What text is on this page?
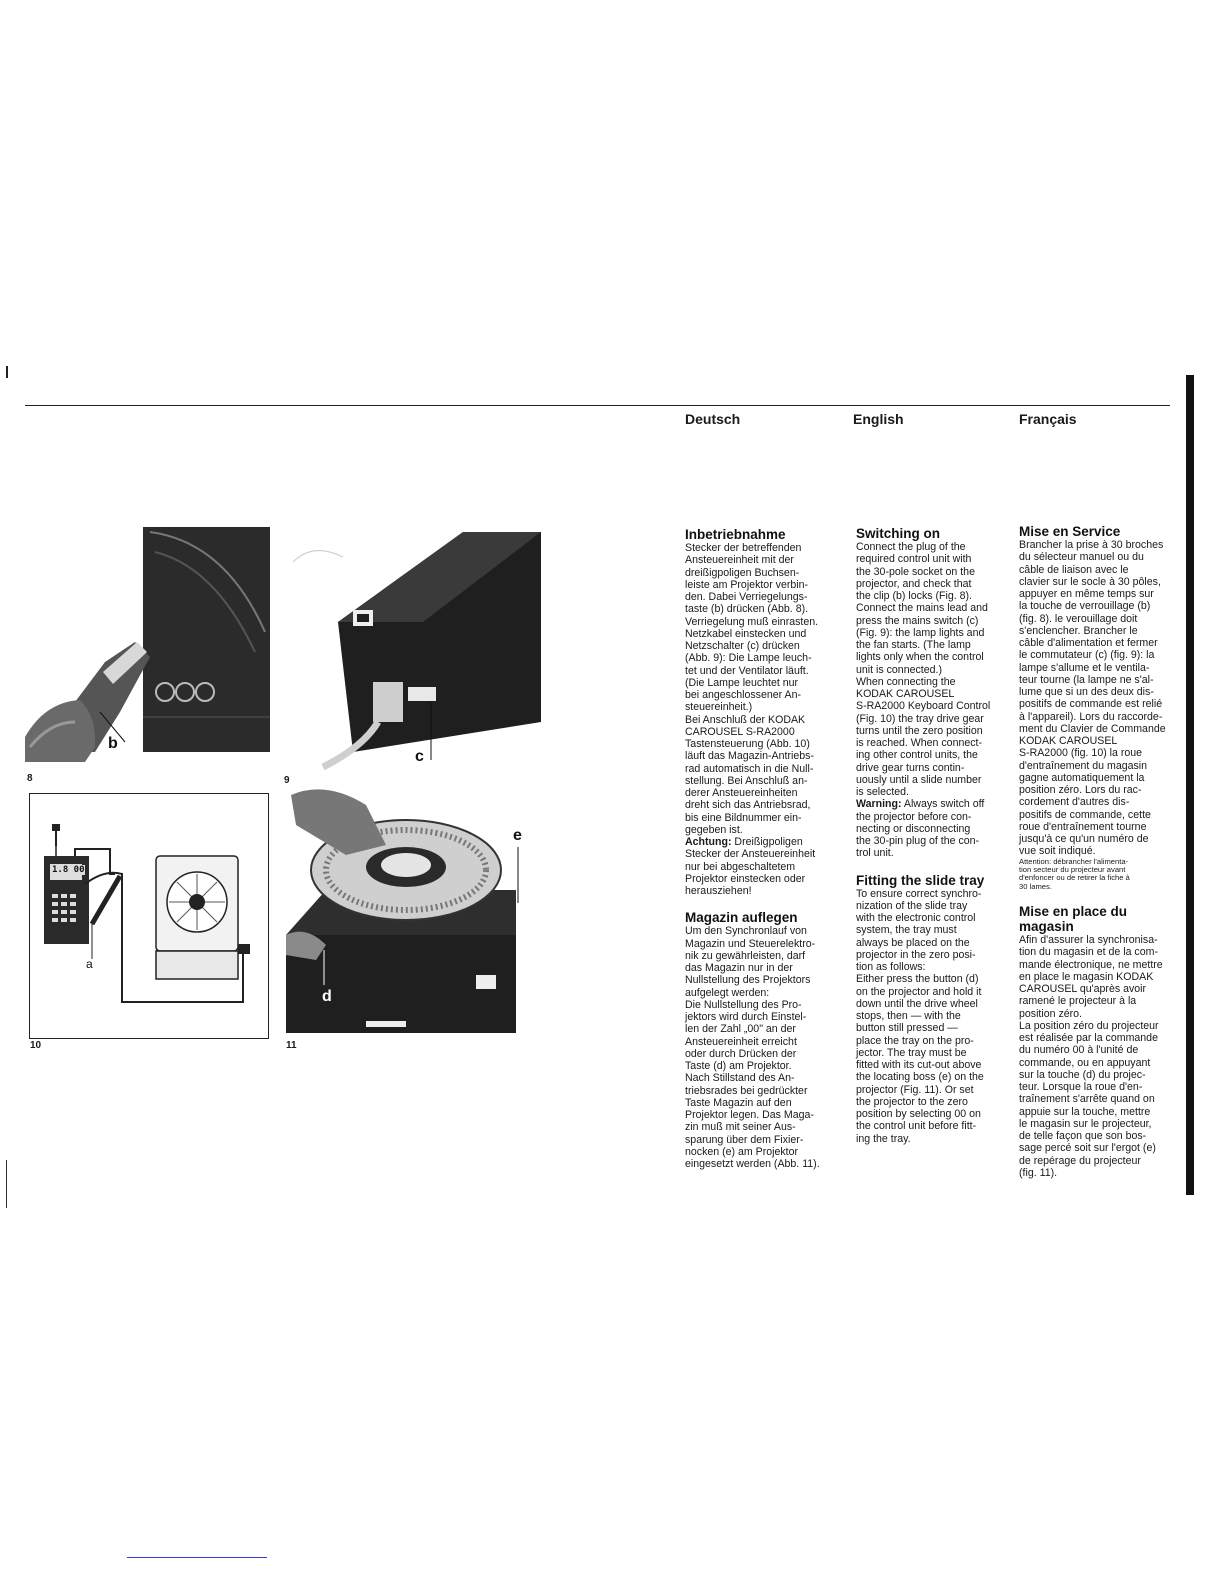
Deutsch	English	Français
b
8
c
9
1.8 00
a
10
d
e
11
Inbetriebnahme

Stecker der betreffenden

Ansteuereinheit mit der

dreißigpoligen Buchsen-

leiste am Projektor verbin-

den. Dabei Verriegelungs-

taste (b) drücken (Abb. 8).

Verriegelung muß einrasten.

Netzkabel einstecken und

Netzschalter (c) drücken

(Abb. 9): Die Lampe leuch-

tet und der Ventilator läuft.

(Die Lampe leuchtet nur

bei angeschlossener An-

steuereinheit.)

Bei Anschluß der KODAK

CAROUSEL S-RA2000

Tastensteuerung (Abb. 10)

läuft das Magazin-Antriebs-

rad automatisch in die Null-

stellung. Bei Anschluß an-

derer Ansteuereinheiten

dreht sich das Antriebsrad,

bis eine Bildnummer ein-

gegeben ist.

Achtung: Dreißigpoligen

Stecker der Ansteuereinheit

nur bei abgeschaltetem

Projektor einstecken oder

herausziehen!

Magazin auflegen

Um den Synchronlauf von

Magazin und Steuerelektro-

nik zu gewährleisten, darf

das Magazin nur in der

Nullstellung des Projektors

aufgelegt werden:

Die Nullstellung des Pro-

jektors wird durch Einstel-

len der Zahl „00" an der

Ansteuereinheit erreicht

oder durch Drücken der

Taste (d) am Projektor.

Nach Stillstand des An-

triebsrades bei gedrückter

Taste Magazin auf den

Projektor legen. Das Maga-

zin muß mit seiner Aus-

sparung über dem Fixier-

nocken (e) am Projektor

eingesetzt werden (Abb. 11).

Switching on

Connect the plug of the

required control unit with

the 30-pole socket on the

projector, and check that

the clip (b) locks (Fig. 8).

Connect the mains lead and

press the mains switch (c)

(Fig. 9): the lamp lights and

the fan starts. (The lamp

lights only when the control

unit is connected.)

When connecting the

KODAK CAROUSEL

S-RA2000 Keyboard Control

(Fig. 10) the tray drive gear

turns until the zero position

is reached. When connect-

ing other control units, the

drive gear turns contin-

uously until a slide number

is selected.

Warning: Always switch off

the projector before con-

necting or disconnecting

the 30-pin plug of the con-

trol unit.

Fitting the slide tray

To ensure correct synchro-

nization of the slide tray

with the electronic control

system, the tray must

always be placed on the

projector in the zero posi-

tion as follows:

Either press the button (d)

on the projector and hold it

down until the drive wheel

stops, then — with the

button still pressed —

place the tray on the pro-

jector. The tray must be

fitted with its cut-out above

the locating boss (e) on the

projector (Fig. 11). Or set

the projector to the zero

position by selecting 00 on

the control unit before fitt-

ing the tray.

Mise en Service

Brancher la prise à 30 broches

du sélecteur manuel ou du

câble de liaison avec le

clavier sur le socle à 30 pôles,

appuyer en même temps sur

la touche de verrouillage (b)

(fig. 8). le verouillage doit

s'enclencher. Brancher le

câble d'alimentation et fermer

le commutateur (c) (fig. 9): la

lampe s'allume et le ventila-

teur tourne (la lampe ne s'al-

lume que si un des deux dis-

positifs de commande est relié

à l'appareil). Lors du raccorde-

ment du Clavier de Commande

KODAK CAROUSEL

S-RA2000 (fig. 10) la roue

d'entraînement du magasin

gagne automatiquement la

position zéro. Lors du rac-

cordement d'autres dis-

positifs de commande, cette

roue d'entraînement tourne

jusqu'à ce qu'un numéro de

vue soit indiqué.

Attention: débrancher l'alimenta-

tion secteur du projecteur avant

d'enfoncer ou de retirer la fiche à

30 lames.

Mise en place du
magasin

Afin d'assurer la synchronisa-

tion du magasin et de la com-

mande électronique, ne mettre

en place le magasin KODAK

CAROUSEL qu'après avoir

ramené le projecteur à la

position zéro.

La position zéro du projecteur

est réalisée par la commande

du numéro 00 à l'unité de

commande, ou en appuyant

sur la touche (d) du projec-

teur. Lorsque la roue d'en-

traînement s'arrête quand on

appuie sur la touche, mettre

le magasin sur le projecteur,

de telle façon que son bos-

sage percé soit sur l'ergot (e)

de repérage du projecteur

(fig. 11).
